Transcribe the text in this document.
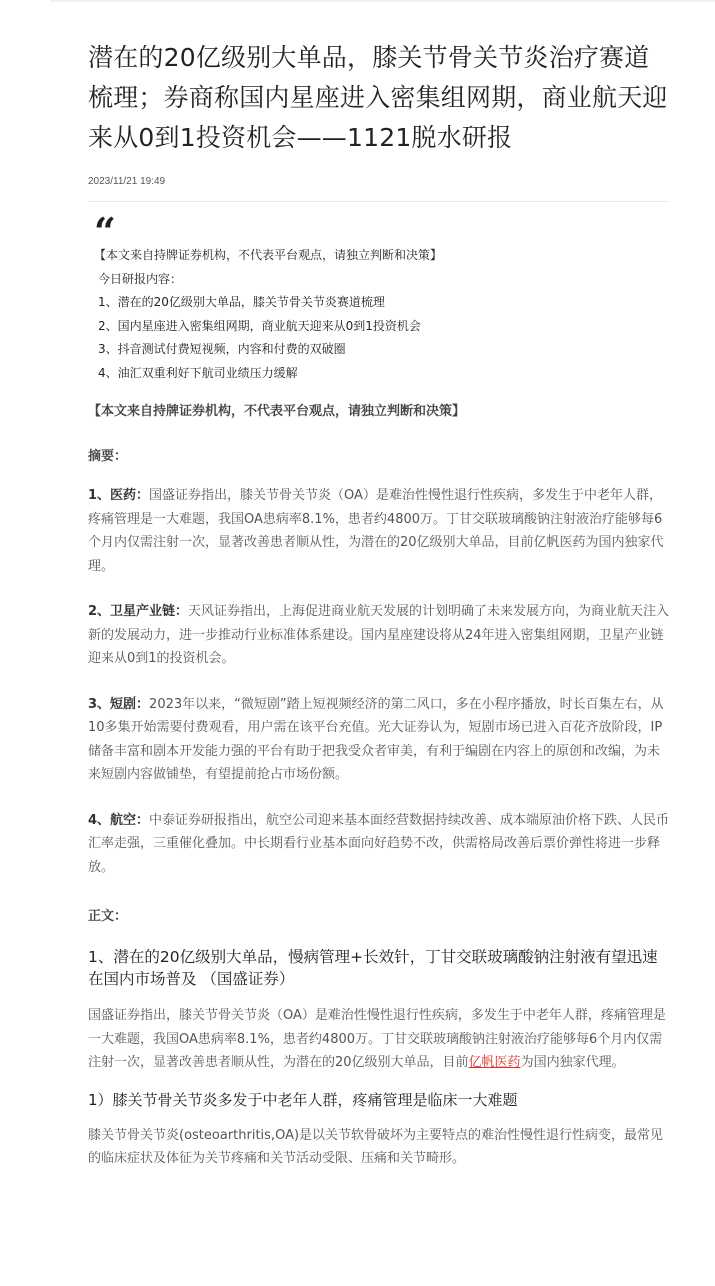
潜在的20亿级别大单品，膝关节骨关节炎治疗赛道梳理；券商称国内星座进入密集组网期，商业航天迎来从0到1投资机会——1121脱水研报
2023/11/21 19:49
“
【本文来自持牌证券机构，不代表平台观点，请独立判断和决策】
今日研报内容：
1、潜在的20亿级别大单品，膝关节骨关节炎赛道梳理
2、国内星座进入密集组网期，商业航天迎来从0到1投资机会
3、抖音测试付费短视频，内容和付费的双破圈
4、油汇双重利好下航司业绩压力缓解
【本文来自持牌证券机构，不代表平台观点，请独立判断和决策】
摘要：
1、医药：国盛证券指出，膝关节骨关节炎（OA）是难治性慢性退行性疾病，多发生于中老年人群，疼痛管理是一大难题，我国OA患病率8.1%，患者约4800万。丁甘交联玻璃酸钠注射液治疗能够每6个月内仅需注射一次，显著改善患者顺从性，为潜在的20亿级别大单品，目前亿帆医药为国内独家代理。
2、卫星产业链：天风证券指出，上海促进商业航天发展的计划明确了未来发展方向，为商业航天注入新的发展动力，进一步推动行业标准体系建设。国内星座建设将从24年进入密集组网期，卫星产业链迎来从0到1的投资机会。
3、短剧：2023年以来，“微短剧”踏上短视频经济的第二风口，多在小程序播放，时长百集左右，从10多集开始需要付费观看，用户需在该平台充值。光大证券认为，短剧市场已进入百花齐放阶段，IP储备丰富和剧本开发能力强的平台有助于把我受众者审美，有利于编剧在内容上的原创和改编，为未来短剧内容做铺垫，有望提前抢占市场份额。
4、航空：中泰证券研报指出，航空公司迎来基本面经营数据持续改善、成本端原油价格下跌、人民币汇率走强，三重催化叠加。中长期看行业基本面向好趋势不改，供需格局改善后票价弹性将进一步释放。
正文：
1、潜在的20亿级别大单品，慢病管理+长效针，丁甘交联玻璃酸钠注射液有望迅速在国内市场普及 （国盛证券）
国盛证券指出，膝关节骨关节炎（OA）是难治性慢性退行性疾病，多发生于中老年人群，疼痛管理是一大难题，我国OA患病率8.1%，患者约4800万。丁甘交联玻璃酸钠注射液治疗能够每6个月内仅需注射一次，显著改善患者顺从性，为潜在的20亿级别大单品，目前亿帆医药为国内独家代理。
1）膝关节骨关节炎多发于中老年人群，疼痛管理是临床一大难题
膝关节骨关节炎(osteoarthritis,OA)是以关节软骨破坏为主要特点的难治性慢性退行性病变，最常见的临床症状及体征为关节疼痛和关节活动受限、压痛和关节畸形。
